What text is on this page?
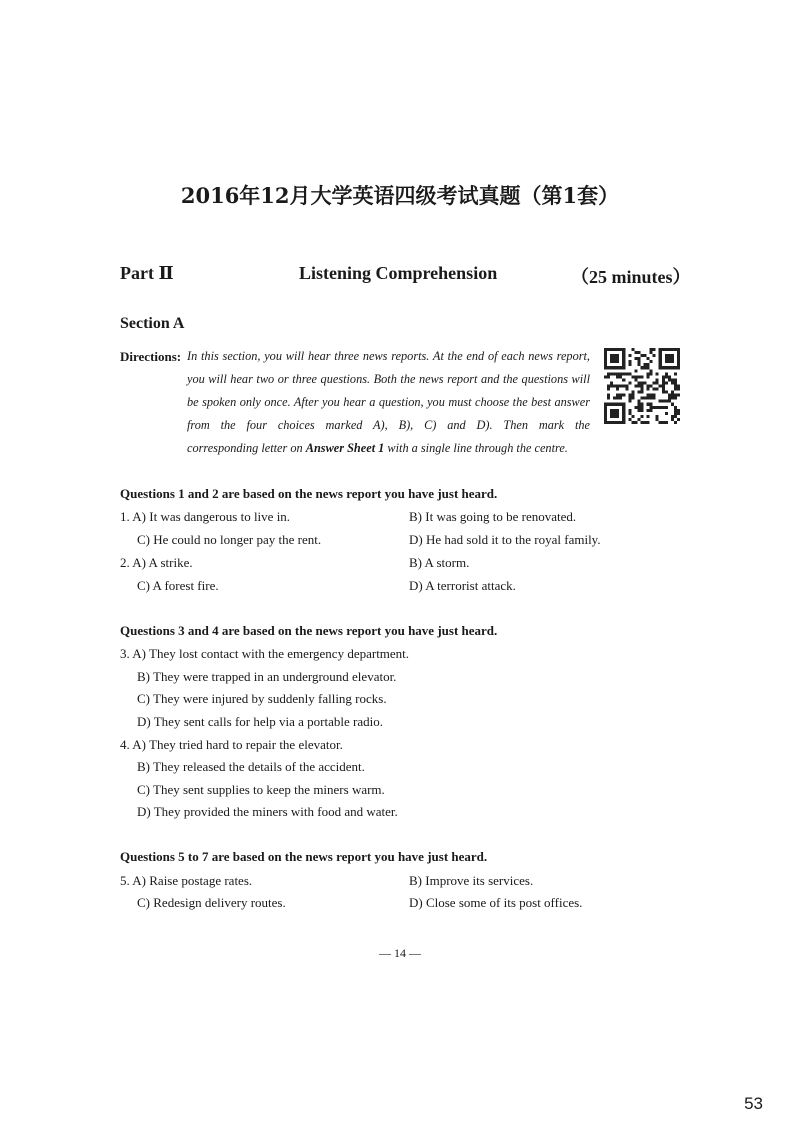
2016年12月大学英语四级考试真题（第1套）
Part Ⅱ	Listening Comprehension	（25 minutes）
Section A
Directions: In this section, you will hear three news reports. At the end of each news report,
you will hear two or three questions. Both the news report and the questions will
be spoken only once. After you hear a question, you must choose the best answer
from the four choices marked A), B), C) and D). Then mark the
corresponding letter on Answer Sheet 1 with a single line through the centre.
Questions 1 and 2 are based on the news report you have just heard.
1. A) It was dangerous to live in.	B) It was going to be renovated.
C) He could no longer pay the rent.	D) He had sold it to the royal family.
2. A) A strike.	B) A storm.
C) A forest fire.	D) A terrorist attack.
Questions 3 and 4 are based on the news report you have just heard.
3. A) They lost contact with the emergency department.
B) They were trapped in an underground elevator.
C) They were injured by suddenly falling rocks.
D) They sent calls for help via a portable radio.
4. A) They tried hard to repair the elevator.
B) They released the details of the accident.
C) They sent supplies to keep the miners warm.
D) They provided the miners with food and water.
Questions 5 to 7 are based on the news report you have just heard.
5. A) Raise postage rates.	B) Improve its services.
C) Redesign delivery routes.	D) Close some of its post offices.
— 14 —
53
